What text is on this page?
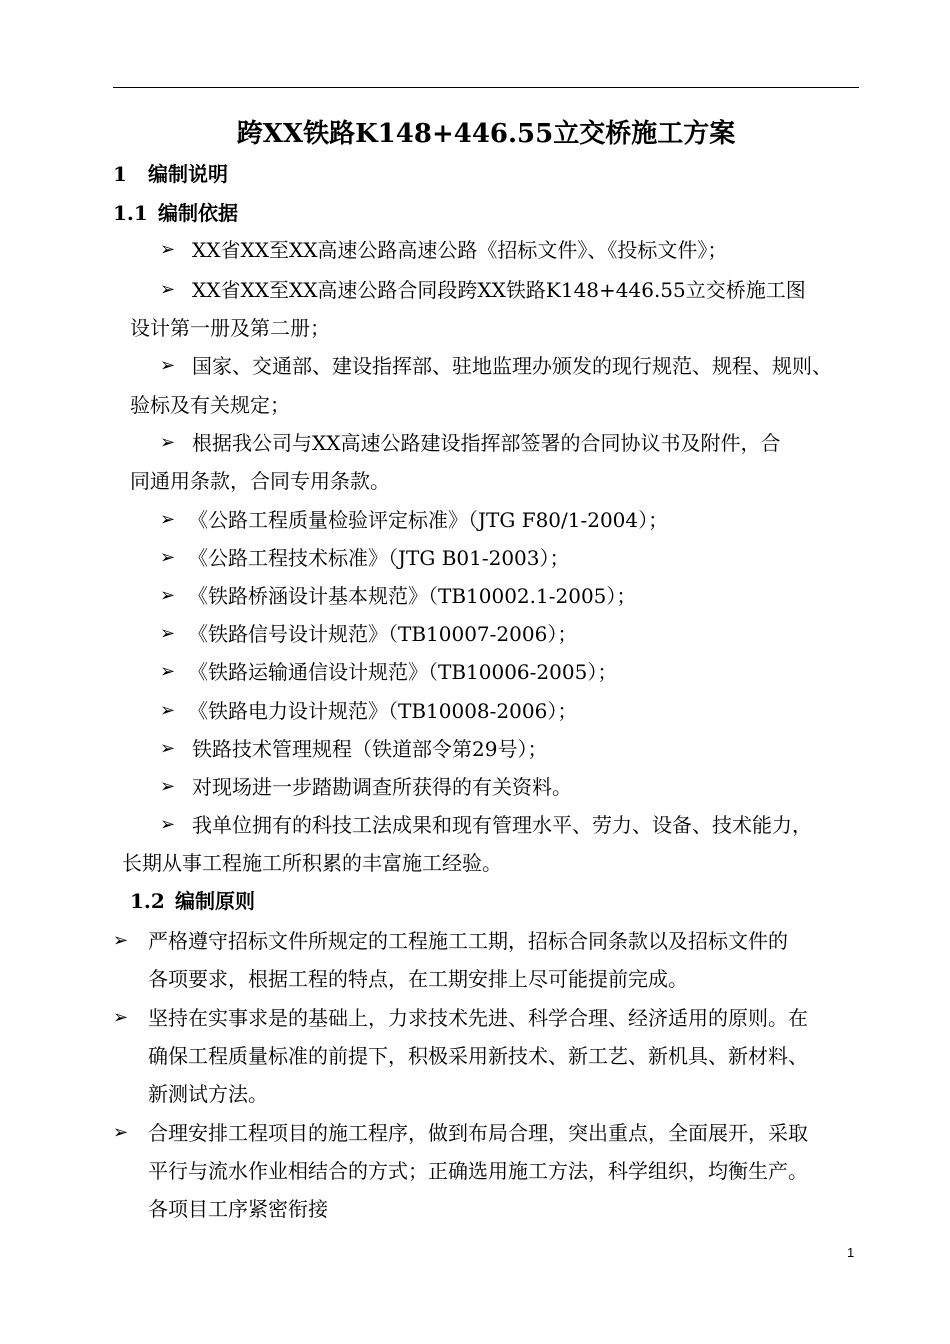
跨XX铁路K148+446.55立交桥施工方案
1 编制说明
1.1 编制依据
➢ XX省XX至XX高速公路高速公路《招标文件》、《投标文件》；
➢ XX省XX至XX高速公路合同段跨XX铁路K148+446.55立交桥施工图
设计第一册及第二册；
➢ 国家、交通部、建设指挥部、驻地监理办颁发的现行规范、规程、规则、
验标及有关规定；
➢ 根据我公司与XX高速公路建设指挥部签署的合同协议书及附件，合
同通用条款，合同专用条款。
➢ 《公路工程质量检验评定标准》（JTG F80/1-2004）；
➢ 《公路工程技术标准》（JTG B01-2003）；
➢ 《铁路桥涵设计基本规范》（TB10002.1-2005）；
➢ 《铁路信号设计规范》（TB10007-2006）；
➢ 《铁路运输通信设计规范》（TB10006-2005）；
➢ 《铁路电力设计规范》（TB10008-2006）；
➢ 铁路技术管理规程（铁道部令第29号）；
➢ 对现场进一步踏勘调查所获得的有关资料。
➢ 我单位拥有的科技工法成果和现有管理水平、劳力、设备、技术能力，
长期从事工程施工所积累的丰富施工经验。
1.2 编制原则
➢ 严格遵守招标文件所规定的工程施工工期，招标合同条款以及招标文件的
各项要求，根据工程的特点，在工期安排上尽可能提前完成。
➢ 坚持在实事求是的基础上，力求技术先进、科学合理、经济适用的原则。在
确保工程质量标准的前提下，积极采用新技术、新工艺、新机具、新材料、
新测试方法。
➢ 合理安排工程项目的施工程序，做到布局合理，突出重点，全面展开，采取
平行与流水作业相结合的方式；正确选用施工方法，科学组织，均衡生产。
各项目工序紧密衔接
1
